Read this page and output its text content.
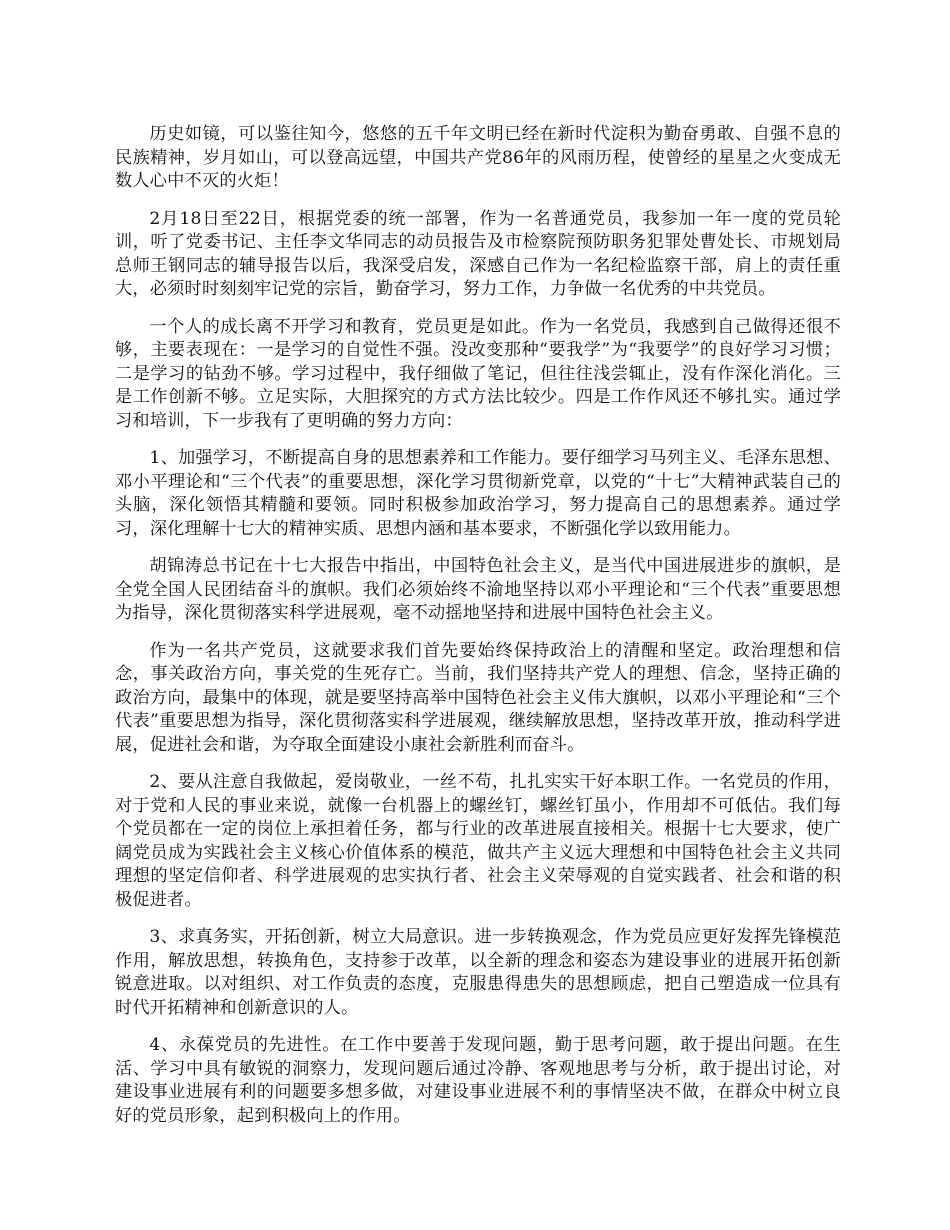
历史如镜，可以鉴往知今，悠悠的五千年文明已经在新时代淀积为勤奋勇敢、自强不息的民族精神，岁月如山，可以登高远望，中国共产党86年的风雨历程，使曾经的星星之火变成无数人心中不灭的火炬！

2月18日至22日，根据党委的统一部署，作为一名普通党员，我参加一年一度的党员轮训，听了党委书记、主任李文华同志的动员报告及市检察院预防职务犯罪处曹处长、市规划局总师王钢同志的辅导报告以后，我深受启发，深感自己作为一名纪检监察干部，肩上的责任重大，必须时时刻刻牢记党的宗旨，勤奋学习，努力工作，力争做一名优秀的中共党员。

一个人的成长离不开学习和教育，党员更是如此。作为一名党员，我感到自己做得还很不够，主要表现在：一是学习的自觉性不强。没改变那种“要我学”为“我要学”的良好学习习惯；二是学习的钻劲不够。学习过程中，我仔细做了笔记，但往往浅尝辄止，没有作深化消化。三是工作创新不够。立足实际，大胆探究的方式方法比较少。四是工作作风还不够扎实。通过学习和培训，下一步我有了更明确的努力方向：

1、加强学习，不断提高自身的思想素养和工作能力。要仔细学习马列主义、毛泽东思想、邓小平理论和“三个代表”的重要思想，深化学习贯彻新党章，以党的“十七”大精神武装自己的头脑，深化领悟其精髓和要领。同时积极参加政治学习，努力提高自己的思想素养。通过学习，深化理解十七大的精神实质、思想内涵和基本要求，不断强化学以致用能力。

胡锦涛总书记在十七大报告中指出，中国特色社会主义，是当代中国进展进步的旗帜，是全党全国人民团结奋斗的旗帜。我们必须始终不渝地坚持以邓小平理论和“三个代表”重要思想为指导，深化贯彻落实科学进展观，毫不动摇地坚持和进展中国特色社会主义。

作为一名共产党员，这就要求我们首先要始终保持政治上的清醒和坚定。政治理想和信念，事关政治方向，事关党的生死存亡。当前，我们坚持共产党人的理想、信念，坚持正确的政治方向，最集中的体现，就是要坚持高举中国特色社会主义伟大旗帜，以邓小平理论和“三个代表”重要思想为指导，深化贯彻落实科学进展观，继续解放思想，坚持改革开放，推动科学进展，促进社会和谐，为夺取全面建设小康社会新胜利而奋斗。

2、要从注意自我做起，爱岗敬业，一丝不苟，扎扎实实干好本职工作。一名党员的作用，对于党和人民的事业来说，就像一台机器上的螺丝钉，螺丝钉虽小，作用却不可低估。我们每个党员都在一定的岗位上承担着任务，都与行业的改革进展直接相关。根据十七大要求，使广阔党员成为实践社会主义核心价值体系的模范，做共产主义远大理想和中国特色社会主义共同理想的坚定信仰者、科学进展观的忠实执行者、社会主义荣辱观的自觉实践者、社会和谐的积极促进者。

3、求真务实，开拓创新，树立大局意识。进一步转换观念，作为党员应更好发挥先锋模范作用，解放思想，转换角色，支持参于改革，以全新的理念和姿态为建设事业的进展开拓创新锐意进取。以对组织、对工作负责的态度，克服患得患失的思想顾虑，把自己塑造成一位具有时代开拓精神和创新意识的人。

4、永葆党员的先进性。在工作中要善于发现问题，勤于思考问题，敢于提出问题。在生活、学习中具有敏锐的洞察力，发现问题后通过冷静、客观地思考与分析，敢于提出讨论，对建设事业进展有利的问题要多想多做，对建设事业进展不利的事情坚决不做，在群众中树立良好的党员形象，起到积极向上的作用。
